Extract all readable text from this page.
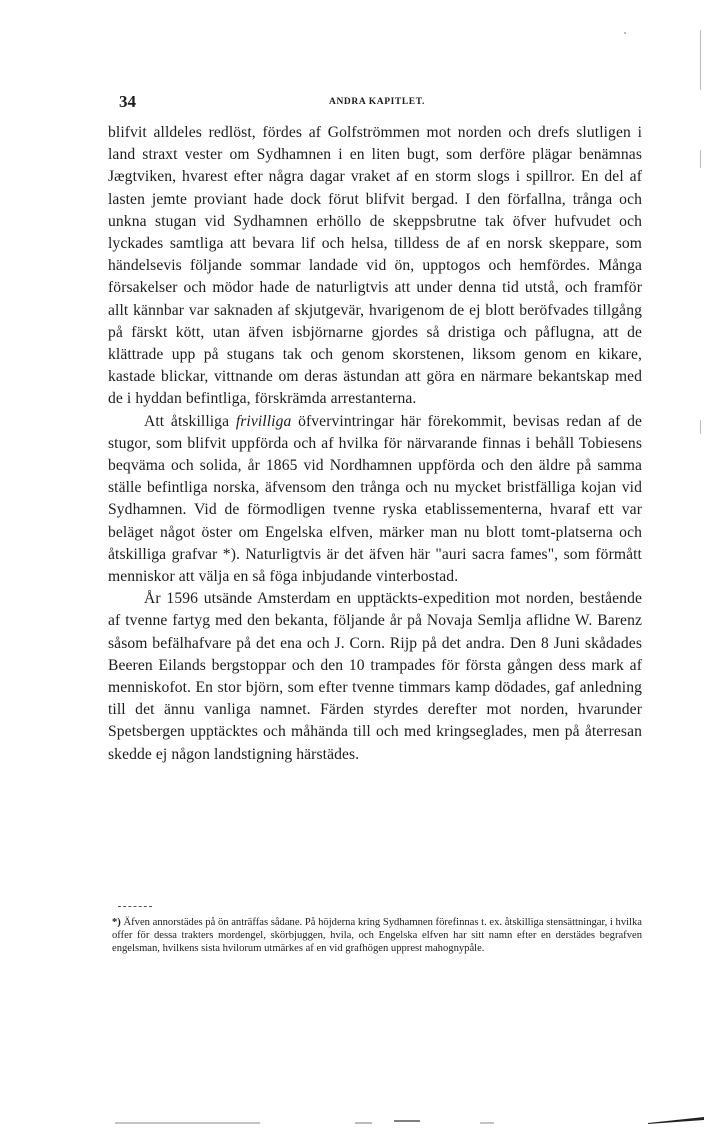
34	ANDRA KAPITLET.

blifvit alldeles redlöst, fördes af Golfströmmen mot norden och drefs slutligen i land straxt vester om Sydhamnen i en liten bugt, som derföre plägar benämnas Jægtviken, hvarest efter några dagar vraket af en storm slogs i spillror. En del af lasten jemte proviant hade dock förut blifvit bergad. I den förfallna, trånga och unkna stugan vid Sydhamnen erhöllo de skeppsbrutne tak öfver hufvudet och lyckades samtliga att bevara lif och helsa, tilldess de af en norsk skeppare, som händelsevis följande sommar landade vid ön, upptogos och hemfördes. Många försakelser och mödor hade de naturligtvis att under denna tid utstå, och framför allt kännbar var saknaden af skjutgevär, hvarigenom de ej blott beröfvades tillgång på färskt kött, utan äfven isbjörnarne gjordes så dristiga och påflugna, att de klättrade upp på stugans tak och genom skorstenen, liksom genom en kikare, kastade blickar, vittnande om deras ästundan att göra en närmare bekantskap med de i hyddan befintliga, förskrämda arrestanterna.

Att åtskilliga frivilliga öfvervintringar här förekommit, bevisas redan af de stugor, som blifvit uppförda och af hvilka för närvarande finnas i behåll Tobiesens beqväma och solida, år 1865 vid Nordhamnen uppförda och den äldre på samma ställe befintliga norska, äfvensom den trånga och nu mycket bristfälliga kojan vid Sydhamnen. Vid de förmodligen tvenne ryska etablissementerna, hvaraf ett var beläget något öster om Engelska elfven, märker man nu blott tomt-platserna och åtskilliga grafvar *). Naturligtvis är det äfven här "auri sacra fames", som förmått menniskor att välja en så föga inbjudande vinterbostad.

År 1596 utsände Amsterdam en upptäckts-expedition mot norden, bestående af tvenne fartyg med den bekanta, följande år på Novaja Semlja aflidne W. Barenz såsom befälhafvare på det ena och J. Corn. Rijp på det andra. Den 8 Juni skådades Beeren Eilands bergstoppar och den 10 trampades för första gången dess mark af menniskofot. En stor björn, som efter tvenne timmars kamp dödades, gaf anledning till det ännu vanliga namnet. Färden styrdes derefter mot norden, hvarunder Spetsbergen upptäcktes och måhända till och med kringseglades, men på återresan skedde ej någon landstigning härstädes.

*) Äfven annorstädes på ön anträffas sådane. På höjderna kring Sydhamnen förefinnas t. ex. åtskilliga stensättningar, i hvilka offer för dessa trakters mordengel, skörbjuggen, hvila, och Engelska elfven har sitt namn efter en derstädes begrafven engelsman, hvilkens sista hvilorum utmärkes af en vid grafhögen upprest mahognypåle.
